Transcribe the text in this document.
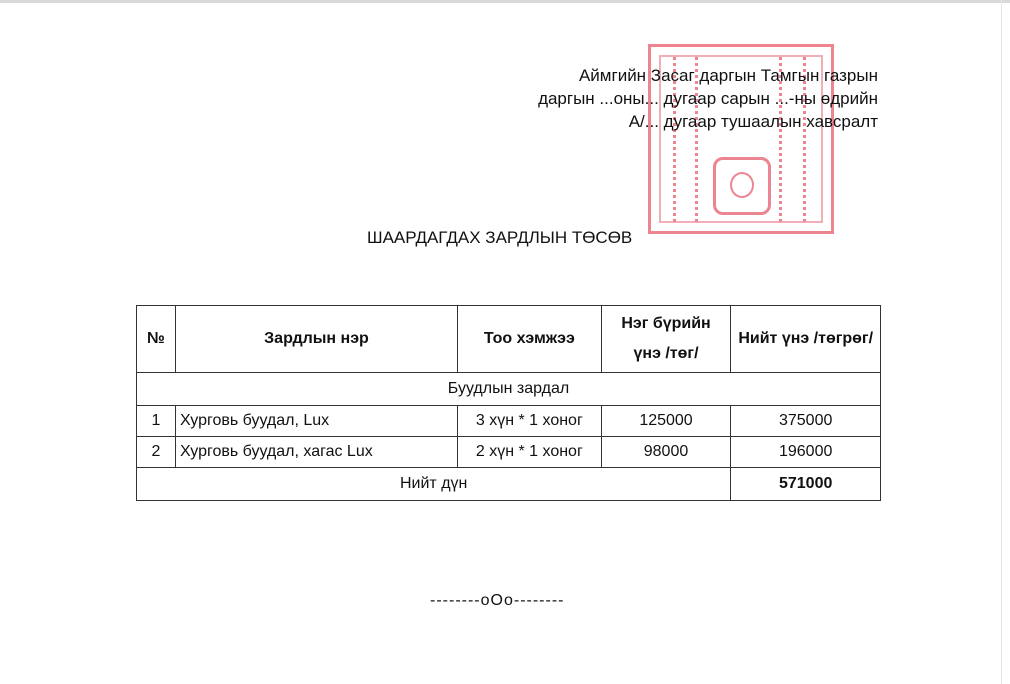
Аймгийн Засаг даргын Тамгын газрын
даргын ...оны... дугаар сарын ...-ны өдрийн
А/... дугаар тушаалын хавсралт
ШААРДАГДАХ ЗАРДЛЫН ТӨСӨВ
№	Зардлын нэр	Тоо хэмжээ	Нэг бүрийн үнэ /төг/	Нийт үнэ /төгрөг/
Буудлын зардал				
1	Хурговь буудал, Lux	3 хүн * 1 хоног	125000	375000
2	Хурговь буудал, хагас Lux	2 хүн * 1 хоног	98000	196000
Нийт дүн				571000
--------oOo--------
